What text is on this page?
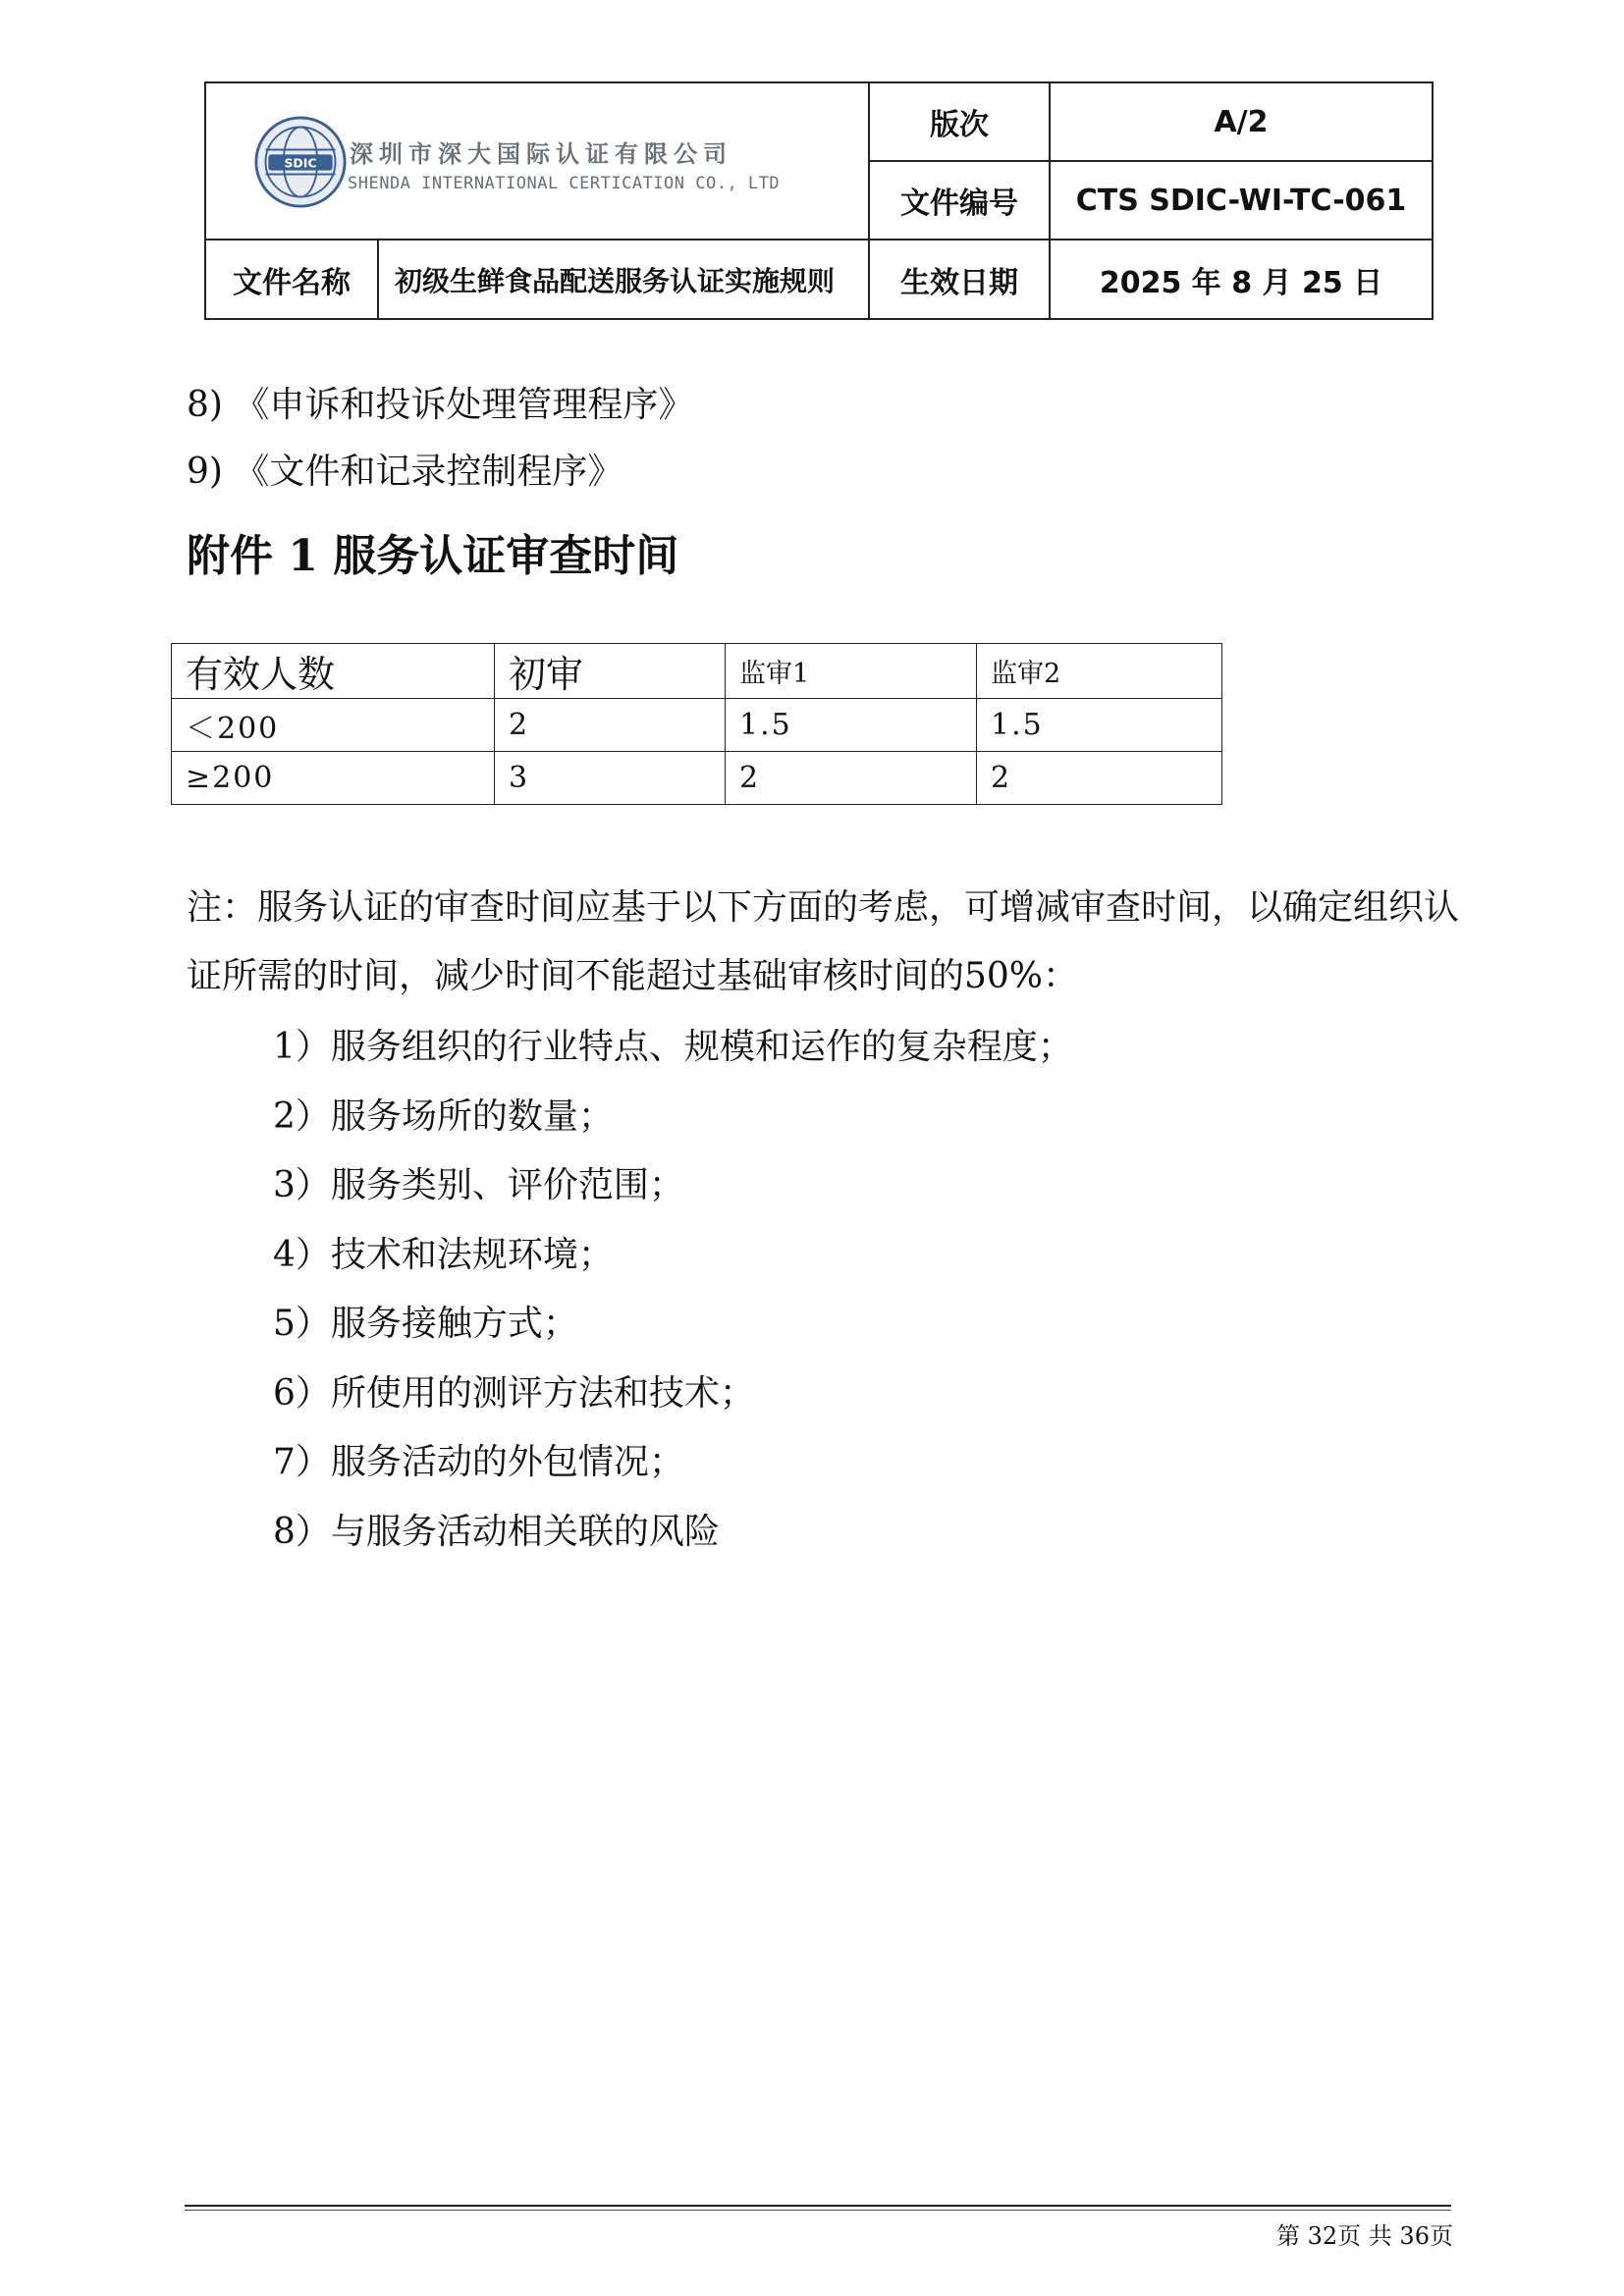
SDIC 深圳市深大国际认证有限公司
SHENDA INTERNATIONAL CERTICATION CO., LTD		版次	A/2
		文件编号	CTS SDIC-WI-TC-061
文件名称	初级生鲜食品配送服务认证实施规则	生效日期	2025 年 8 月 25 日
8) 《申诉和投诉处理管理程序》
9) 《文件和记录控制程序》
附件 1 服务认证审查时间
有效人数	初审	监审1	监审2
＜200	2	1.5	1.5
≥200	3	2	2
注：服务认证的审查时间应基于以下方面的考虑，可增减审查时间，以确定组织认证所需的时间，减少时间不能超过基础审核时间的50%：
1）服务组织的行业特点、规模和运作的复杂程度；
2）服务场所的数量；
3）服务类别、评价范围；
4）技术和法规环境；
5）服务接触方式；
6）所使用的测评方法和技术；
7）服务活动的外包情况；
8）与服务活动相关联的风险
第 32页 共 36页
